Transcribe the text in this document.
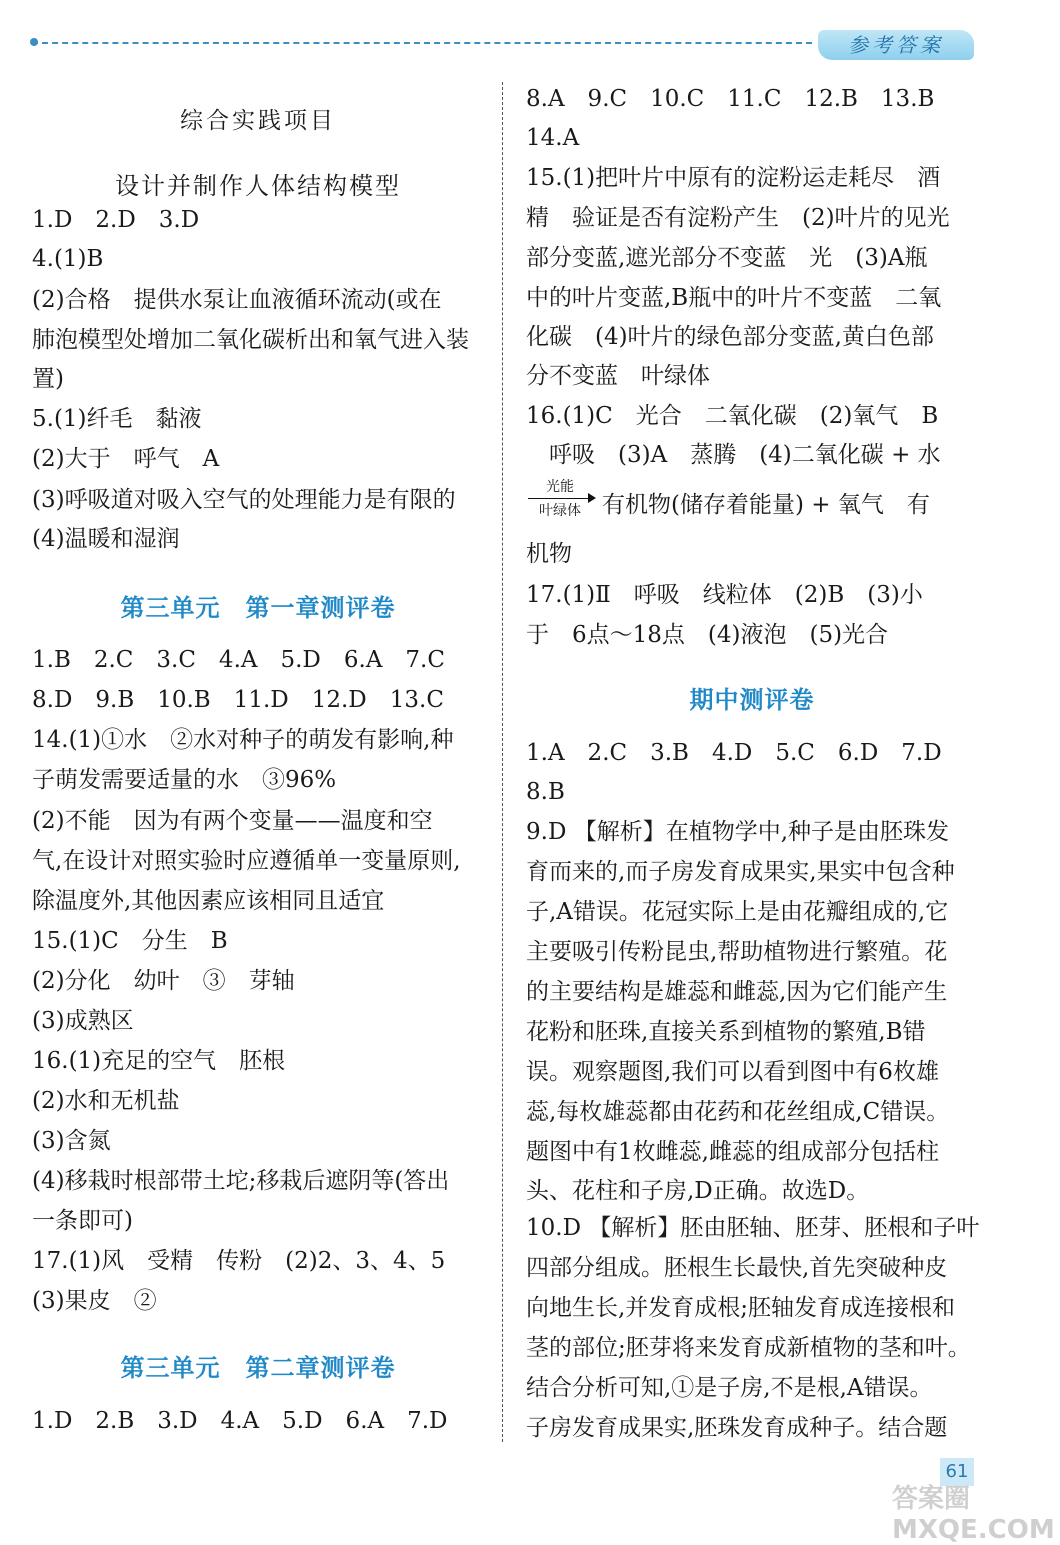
参考答案
综合实践项目
设计并制作人体结构模型
1.D　2.D　3.D
4.(1)B
(2)合格　提供水泵让血液循环流动(或在
肺泡模型处增加二氧化碳析出和氧气进入装
置)
5.(1)纤毛　黏液
(2)大于　呼气　A
(3)呼吸道对吸入空气的处理能力是有限的
(4)温暖和湿润
第三单元　第一章测评卷
1.B　2.C　3.C　4.A　5.D　6.A　7.C
8.D　9.B　10.B　11.D　12.D　13.C
14.(1)①水　②水对种子的萌发有影响,种
子萌发需要适量的水　③96%
(2)不能　因为有两个变量——温度和空
气,在设计对照实验时应遵循单一变量原则,
除温度外,其他因素应该相同且适宜
15.(1)C　分生　B
(2)分化　幼叶　③　芽轴
(3)成熟区
16.(1)充足的空气　胚根
(2)水和无机盐
(3)含氮
(4)移栽时根部带土坨;移栽后遮阴等(答出
一条即可)
17.(1)风　受精　传粉　(2)2、3、4、5
(3)果皮　②
第三单元　第二章测评卷
1.D　2.B　3.D　4.A　5.D　6.A　7.D
8.A　9.C　10.C　11.C　12.B　13.B
14.A
15.(1)把叶片中原有的淀粉运走耗尽　酒
精　验证是否有淀粉产生　(2)叶片的见光
部分变蓝,遮光部分不变蓝　光　(3)A瓶
中的叶片变蓝,B瓶中的叶片不变蓝　二氧
化碳　(4)叶片的绿色部分变蓝,黄白色部
分不变蓝　叶绿体
16.(1)C　光合　二氧化碳　(2)氧气　B
　呼吸　(3)A　蒸腾　(4)二氧化碳 + 水
光能
叶绿体 有机物(储存着能量) + 氧气　有
机物
17.(1)Ⅱ　呼吸　线粒体　(2)B　(3)小
于　6点～18点　(4)液泡　(5)光合
期中测评卷
1.A　2.C　3.B　4.D　5.C　6.D　7.D
8.B
9.D 【解析】在植物学中,种子是由胚珠发
育而来的,而子房发育成果实,果实中包含种
子,A错误。花冠实际上是由花瓣组成的,它
主要吸引传粉昆虫,帮助植物进行繁殖。花
的主要结构是雄蕊和雌蕊,因为它们能产生
花粉和胚珠,直接关系到植物的繁殖,B错
误。观察题图,我们可以看到图中有6枚雄
蕊,每枚雄蕊都由花药和花丝组成,C错误。
题图中有1枚雌蕊,雌蕊的组成部分包括柱
头、花柱和子房,D正确。故选D。
10.D 【解析】胚由胚轴、胚芽、胚根和子叶
四部分组成。胚根生长最快,首先突破种皮
向地生长,并发育成根;胚轴发育成连接根和
茎的部位;胚芽将来发育成新植物的茎和叶。
结合分析可知,①是子房,不是根,A错误。
子房发育成果实,胚珠发育成种子。结合题
61
答案圈 MXQE.COM
